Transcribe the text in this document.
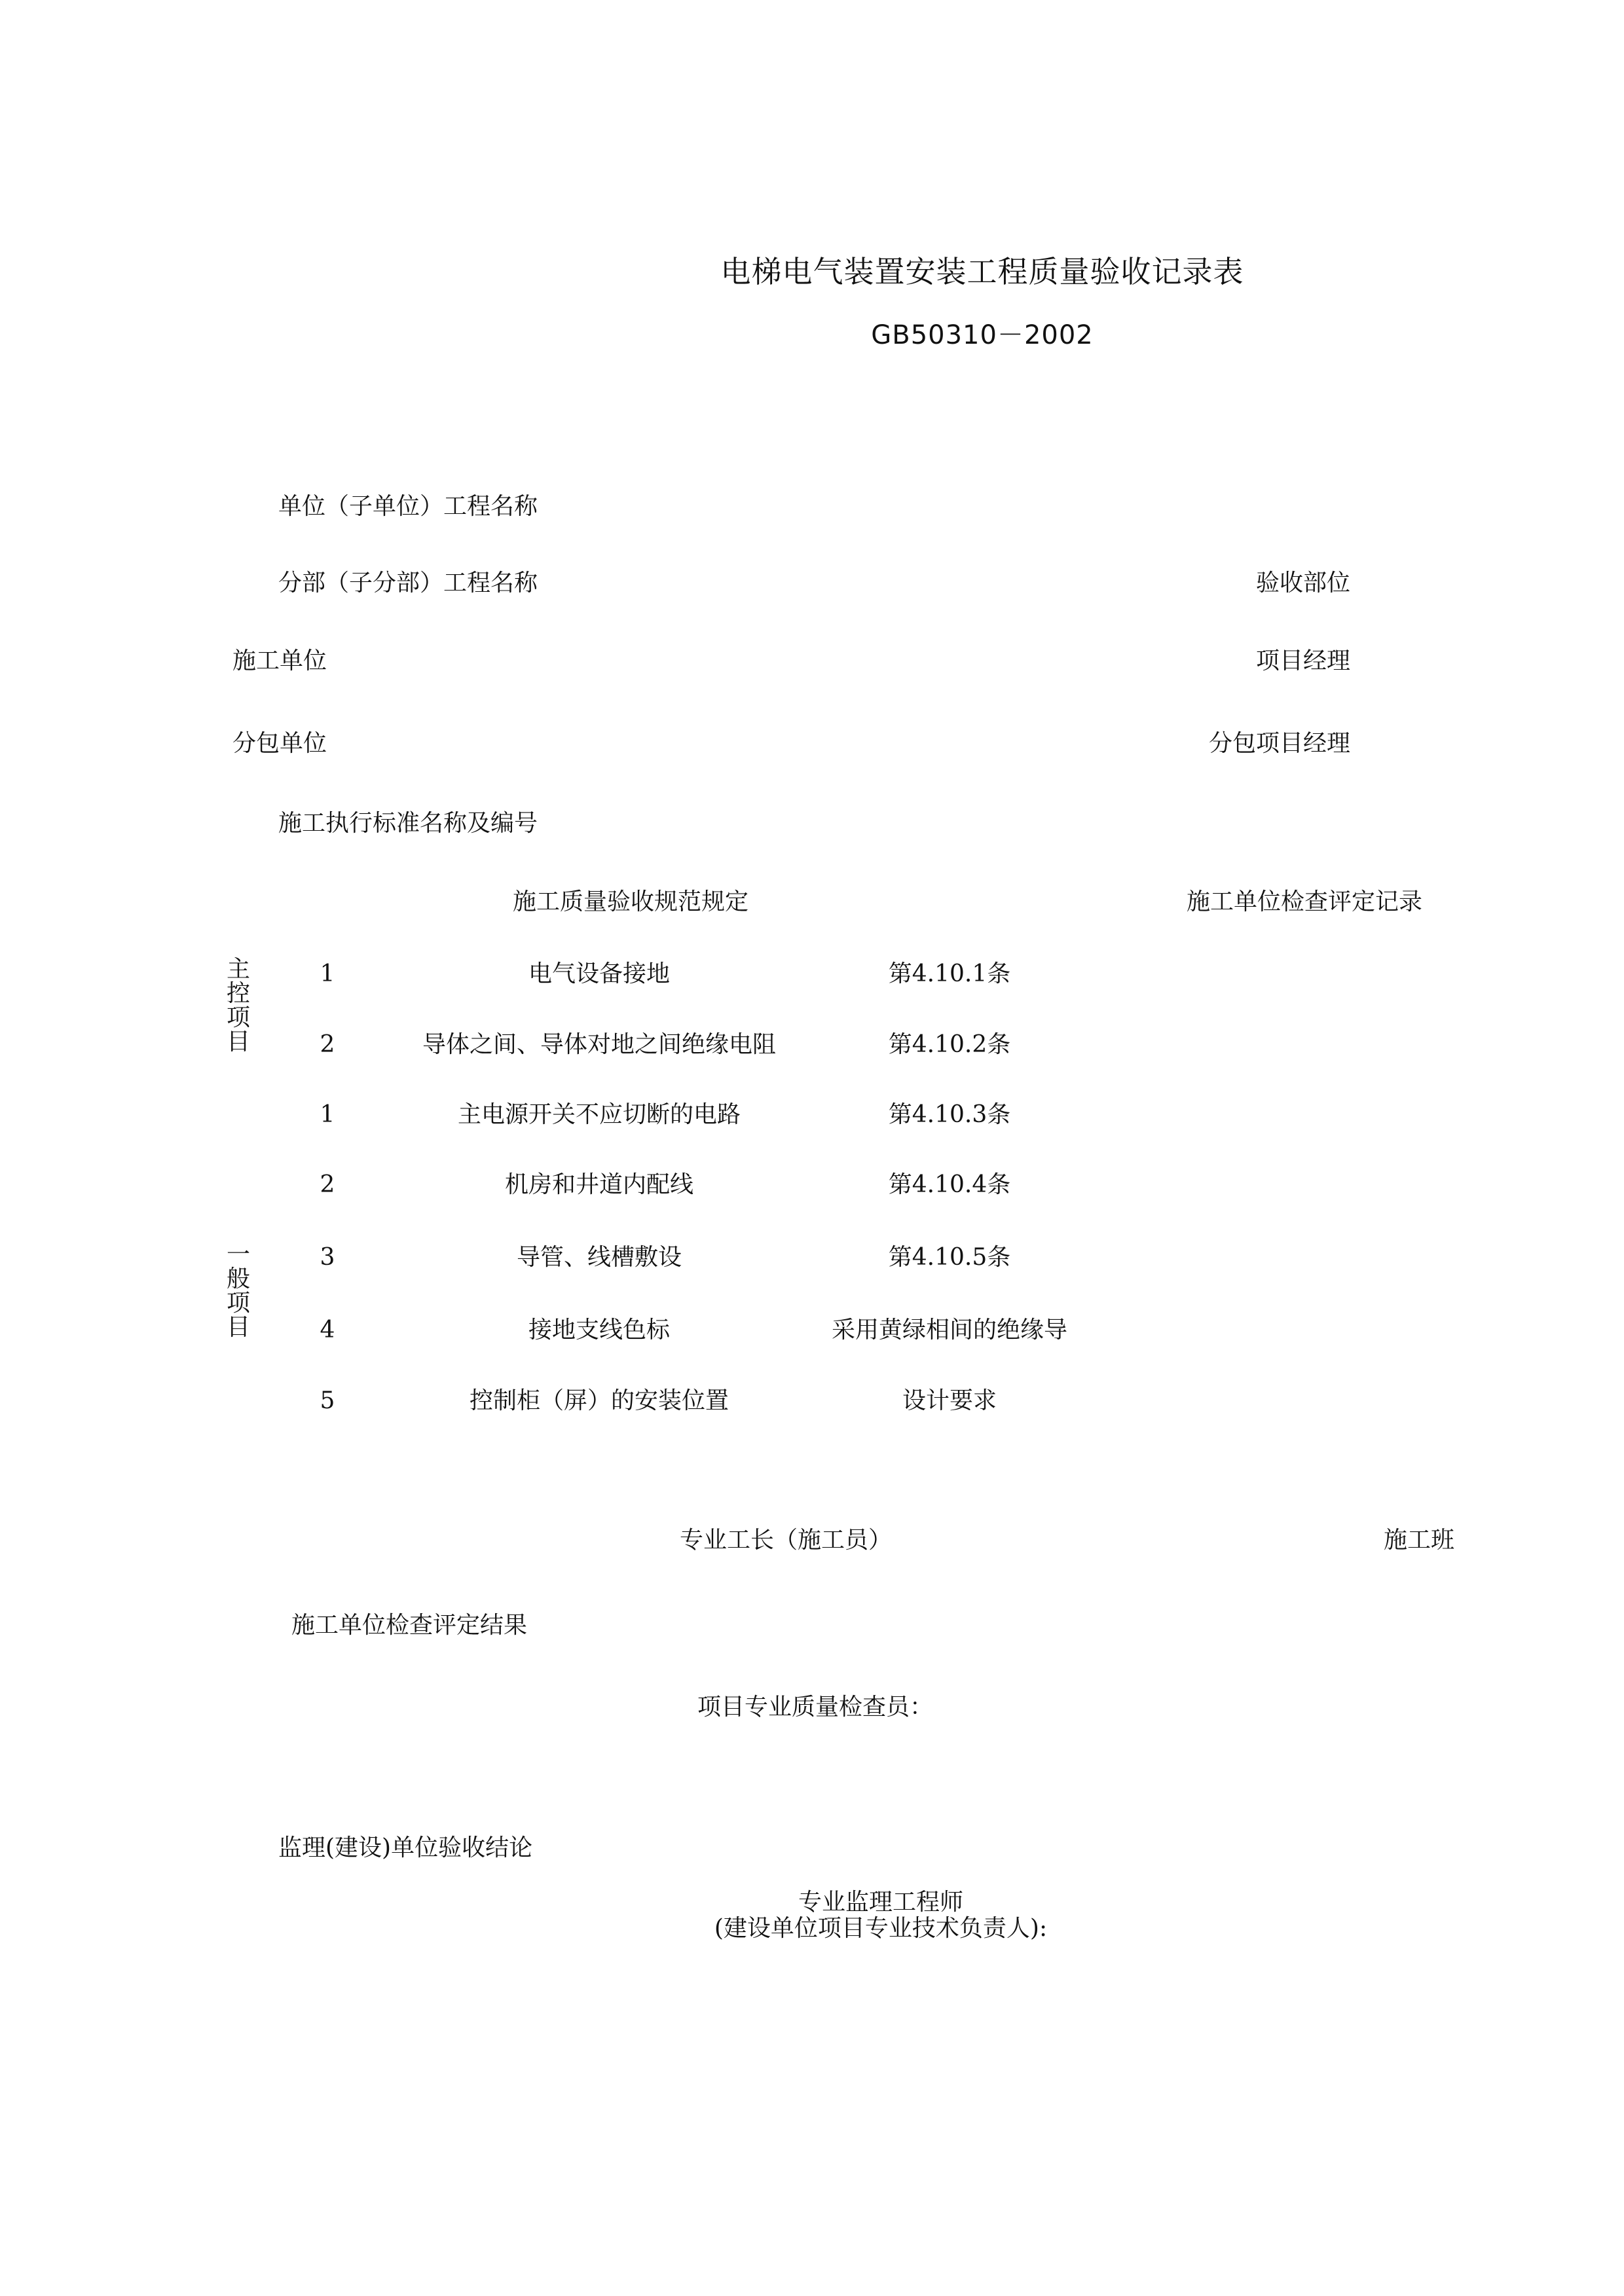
电梯电气装置安装工程质量验收记录表
GB50310－2002
单位（子单位）工程名称
分部（子分部）工程名称	验收部位
施工单位	项目经理
分包单位	分包项目经理
施工执行标准名称及编号
施工质量验收规范规定	施工单位检查评定记录
主
控
项
目
1	电气设备接地	第4.10.1条
2	导体之间、导体对地之间绝缘电阻	第4.10.2条
1	主电源开关不应切断的电路	第4.10.3条
2	机房和井道内配线	第4.10.4条
一
般
项
目
3	导管、线槽敷设	第4.10.5条
4	接地支线色标	采用黄绿相间的绝缘导
5	控制柜（屏）的安装位置	设计要求
专业工长（施工员）	施工班
施工单位检查评定结果
项目专业质量检查员：
监理(建设)单位验收结论
专业监理工程师
(建设单位项目专业技术负责人):
